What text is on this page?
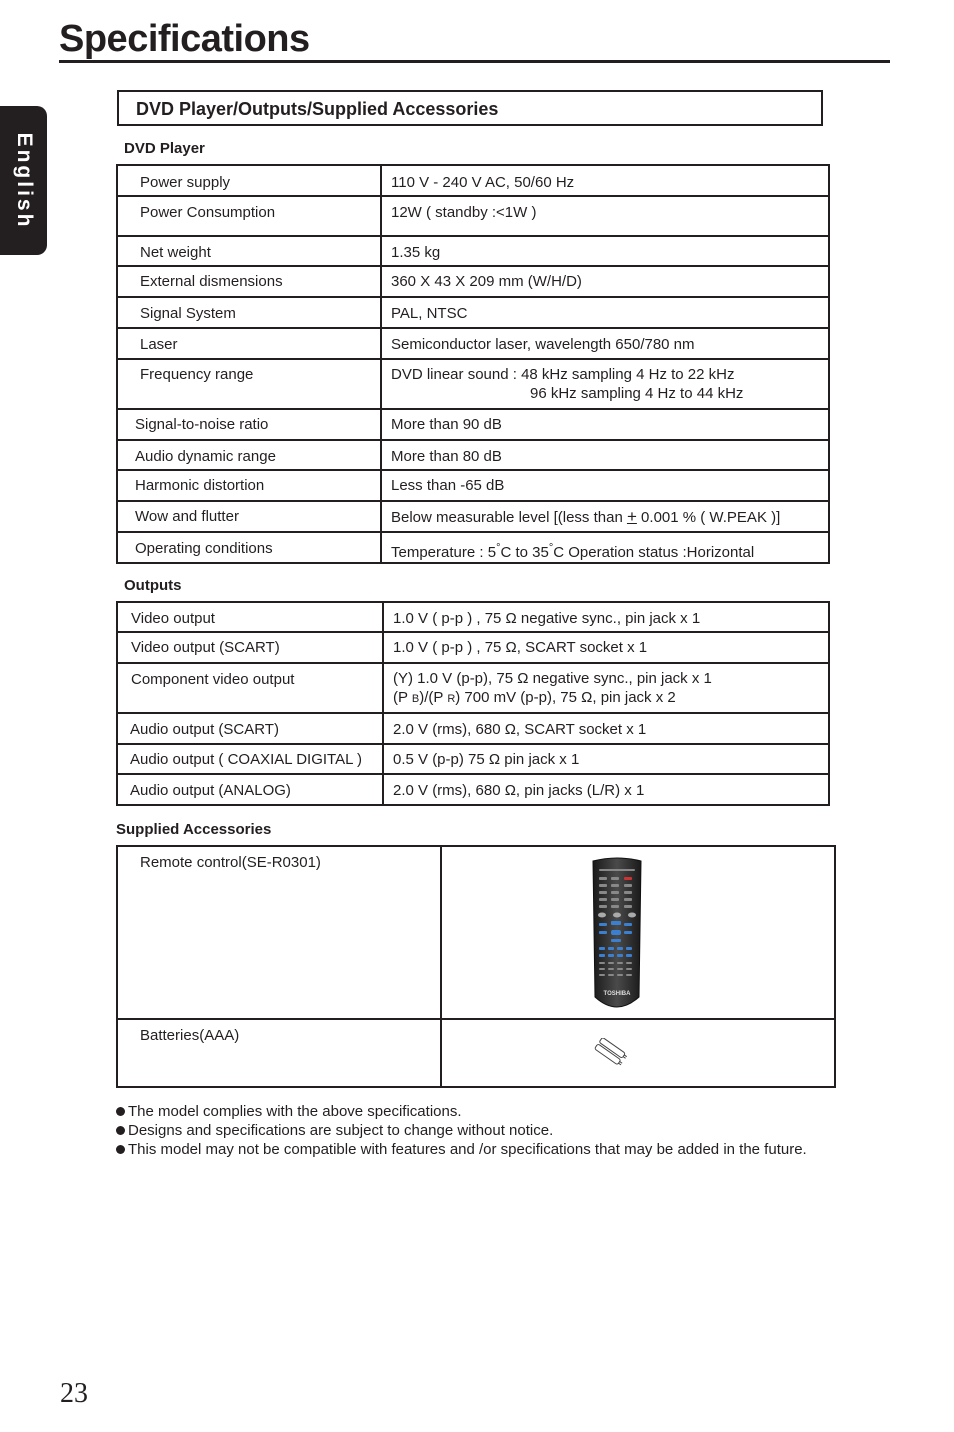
Specifications
English
DVD Player/Outputs/Supplied Accessories
DVD Player
Power supply	110 V - 240 V AC, 50/60 Hz
Power Consumption	12W ( standby :<1W )
Net weight	1.35 kg
External dismensions	360 X 43 X 209 mm (W/H/D)
Signal System	PAL, NTSC
Laser	Semiconductor laser, wavelength 650/780 nm
Frequency range	DVD linear sound : 48 kHz sampling 4 Hz to 22 kHz
96 kHz sampling 4 Hz to 44 kHz

Signal-to-noise ratio	More than 90 dB
Audio dynamic range	More than 80 dB
Harmonic distortion	Less than -65 dB
Wow and flutter	Below measurable level [(less than + 0.001 % ( W.PEAK )]
Operating conditions	Temperature : 5°C to 35°C Operation status :Horizontal
Outputs
Video output	1.0 V ( p-p ) , 75 Ω negative sync., pin jack x 1
Video output (SCART)	1.0 V ( p-p ) , 75 Ω, SCART socket x 1
Component video output	(Y) 1.0 V (p-p), 75 Ω negative sync., pin jack x 1
(P B)/(P R) 700 mV (p-p), 75 Ω, pin jack x 2

Audio output (SCART)	2.0 V (rms), 680 Ω, SCART socket x 1
Audio output ( COAXIAL DIGITAL )	0.5 V (p-p) 75 Ω pin jack x 1
Audio output (ANALOG)	2.0 V (rms), 680 Ω, pin jacks (L/R) x 1
Supplied Accessories
Remote control(SE-R0301)	TOSHIBA

Batteries(AAA)	
The model complies with the above specifications.
Designs and specifications are subject to change without notice.
This model may not be compatible with features and /or specifications that may be added in the future.
23
